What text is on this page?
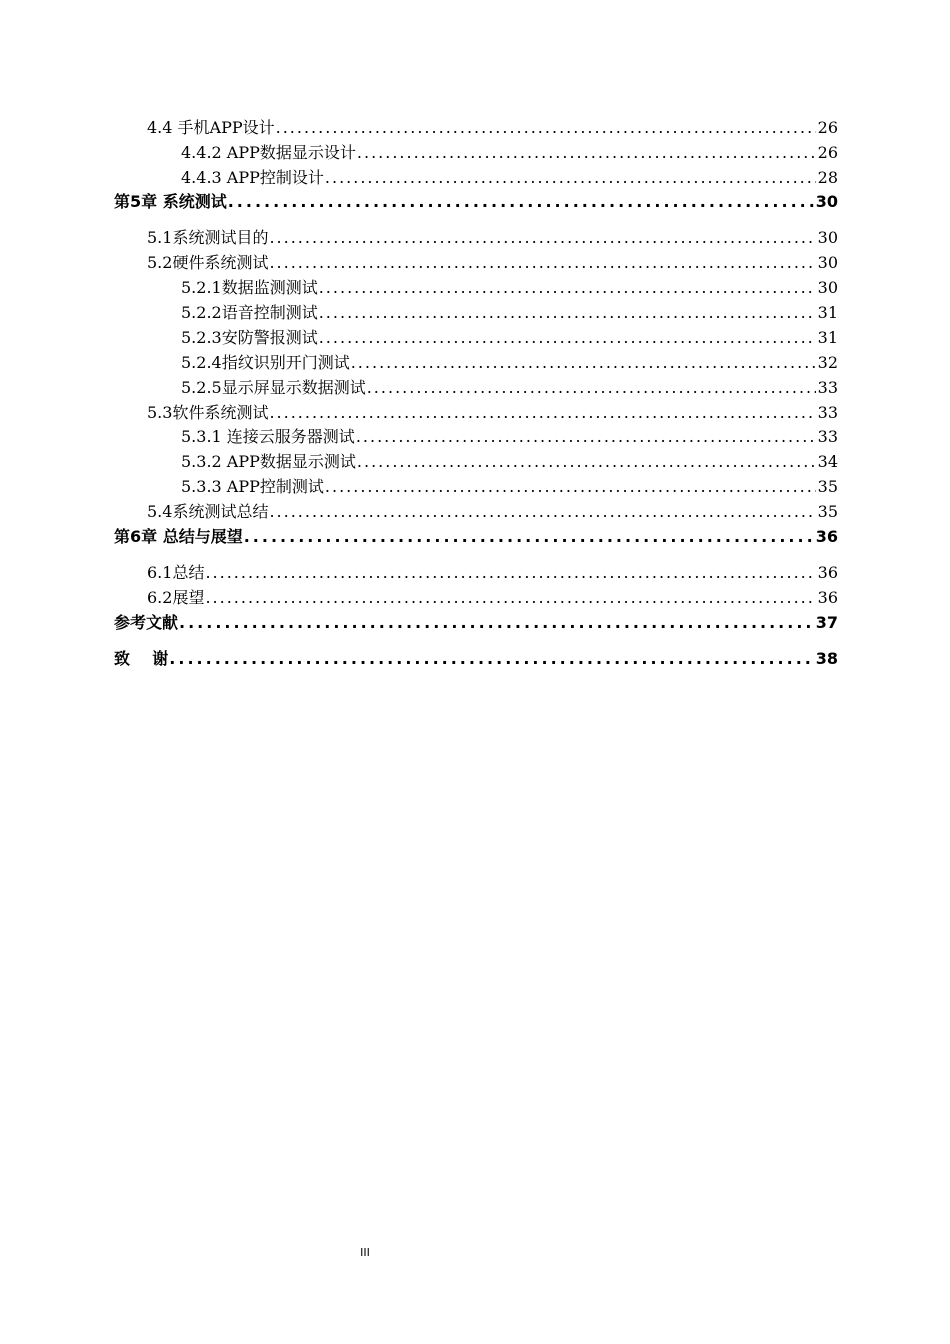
4.4 手机APP设计 .....	26
4.4.2 APP数据显示设计 .....	26
4.4.3 APP控制设计 .....	28
第5章 系统测试 .....	30
5.1系统测试目的 .....	30
5.2硬件系统测试 .....	30
5.2.1数据监测测试 .....	30
5.2.2语音控制测试 .....	31
5.2.3安防警报测试 .....	31
5.2.4指纹识别开门测试 .....	32
5.2.5显示屏显示数据测试 .....	33
5.3软件系统测试 .....	33
5.3.1 连接云服务器测试 .....	33
5.3.2 APP数据显示测试 .....	34
5.3.3 APP控制测试 .....	35
5.4系统测试总结 .....	35
第6章 总结与展望 .....	36
6.1总结 .....	36
6.2展望 .....	36
参考文献 .....	37
致    谢 .....	38
III
